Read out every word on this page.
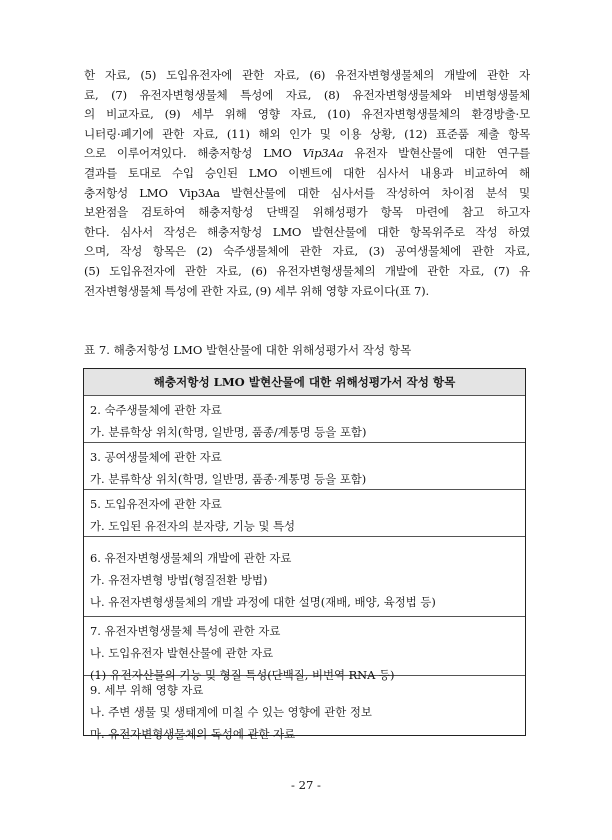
한 자료, (5) 도입유전자에 관한 자료, (6) 유전자변형생물체의 개발에 관한 자
료, (7) 유전자변형생물체 특성에 자료, (8) 유전자변형생물체와 비변형생물체
의 비교자료, (9) 세부 위해 영향 자료, (10) 유전자변형생물체의 환경방출·모
니터링·폐기에 관한 자료, (11) 해외 인가 및 이용 상황, (12) 표준품 제출 항목
으로 이루어져있다. 해충저항성 LMO Vip3Aa 유전자 발현산물에 대한 연구를
결과를 토대로 수입 승인된 LMO 이벤트에 대한 심사서 내용과 비교하여 해
충저항성 LMO Vip3Aa 발현산물에 대한 심사서를 작성하여 차이점 분석 및
보완점을 검토하여 해충저항성 단백질 위해성평가 항목 마련에 참고 하고자
한다. 심사서 작성은 해충저항성 LMO 발현산물에 대한 항목위주로 작성 하였
으며, 작성 항목은 (2) 숙주생물체에 관한 자료, (3) 공여생물체에 관한 자료,
(5) 도입유전자에 관한 자료, (6) 유전자변형생물체의 개발에 관한 자료, (7) 유
전자변형생물체 특성에 관한 자료, (9) 세부 위해 영향 자료이다(표 7).
표 7. 해충저항성 LMO 발현산물에 대한 위해성평가서 작성 항목
해충저항성 LMO 발현산물에 대한 위해성평가서 작성 항목
2. 숙주생물체에 관한 자료
가. 분류학상 위치(학명, 일반명, 품종/계통명 등을 포함)
3. 공여생물체에 관한 자료
가. 분류학상 위치(학명, 일반명, 품종·계통명 등을 포함)
5. 도입유전자에 관한 자료
가. 도입된 유전자의 분자량, 기능 및 특성
6. 유전자변형생물체의 개발에 관한 자료
가. 유전자변형 방법(형질전환 방법)
나. 유전자변형생물체의 개발 과정에 대한 설명(재배, 배양, 육정법 등)
7. 유전자변형생물체 특성에 관한 자료
나. 도입유전자 발현산물에 관한 자료
(1) 유전자산물의 기능 및 형질 특성(단백질, 비번역 RNA 등)
9. 세부 위해 영향 자료
나. 주변 생물 및 생태계에 미칠 수 있는 영향에 관한 정보
마. 유전자변형생물체의 독성에 관한 자료
- 27 -
